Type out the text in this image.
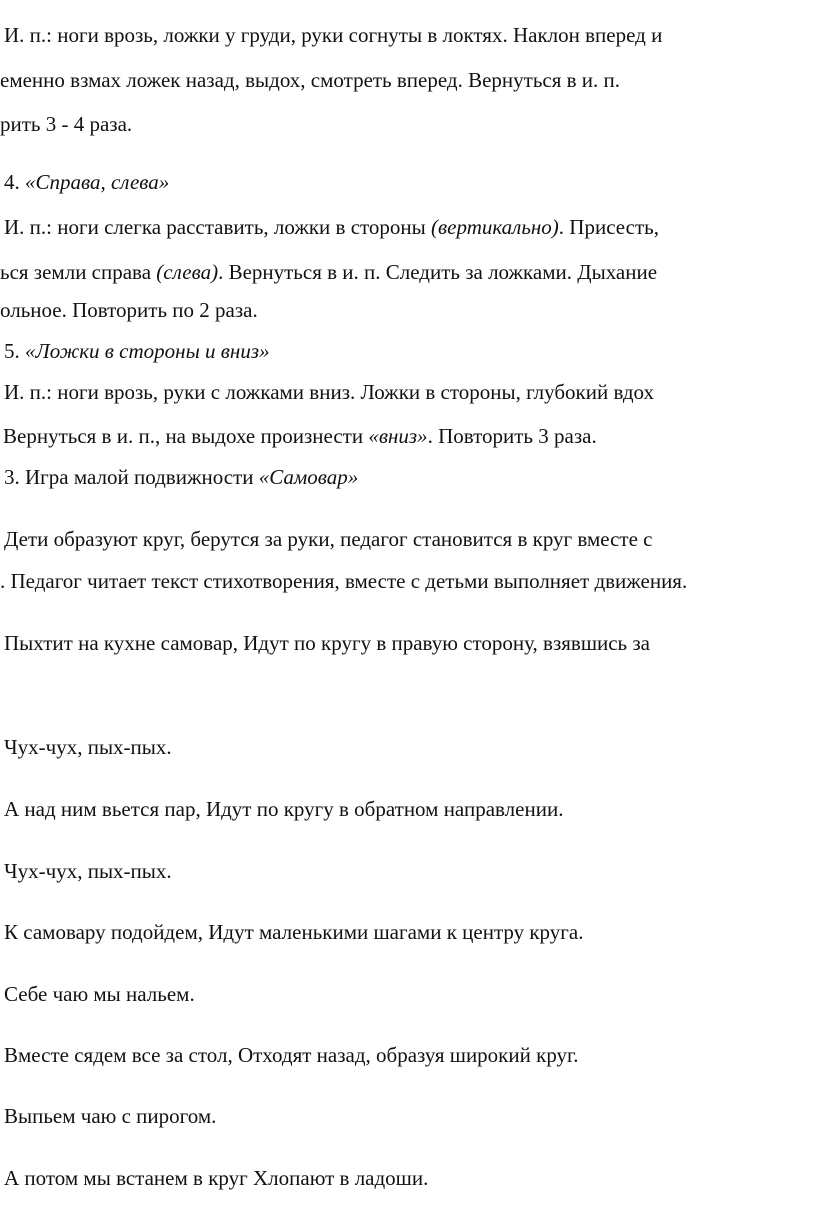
И. п.: ноги врозь, ложки у груди, руки согнуты в локтях. Наклон вперед и

еменно взмах ложек назад, выдох, смотреть вперед. Вернуться в и. п.

рить 3 - 4 раза.

4. «Справа, слева»

И. п.: ноги слегка расставить, ложки в стороны (вертикально). Присесть,

ься земли справа (слева). Вернуться в и. п. Следить за ложками. Дыхание

ольное. Повторить по 2 раза.

5. «Ложки в стороны и вниз»

И. п.: ноги врозь, руки с ложками вниз. Ложки в стороны, глубокий вдох

Вернуться в и. п., на выдохе произнести «вниз». Повторить 3 раза.

3. Игра малой подвижности «Самовар»

Дети образуют круг, берутся за руки, педагог становится в круг вместе с

. Педагог читает текст стихотворения, вместе с детьми выполняет движения.

Пыхтит на кухне самовар, Идут по кругу в правую сторону, взявшись за

Чух-чух, пых-пых.

А над ним вьется пар, Идут по кругу в обратном направлении.

Чух-чух, пых-пых.

К самовару подойдем, Идут маленькими шагами к центру круга.

Себе чаю мы нальем.

Вместе сядем все за стол, Отходят назад, образуя широкий круг.

Выпьем чаю с пирогом.

А потом мы встанем в круг Хлопают в ладоши.
